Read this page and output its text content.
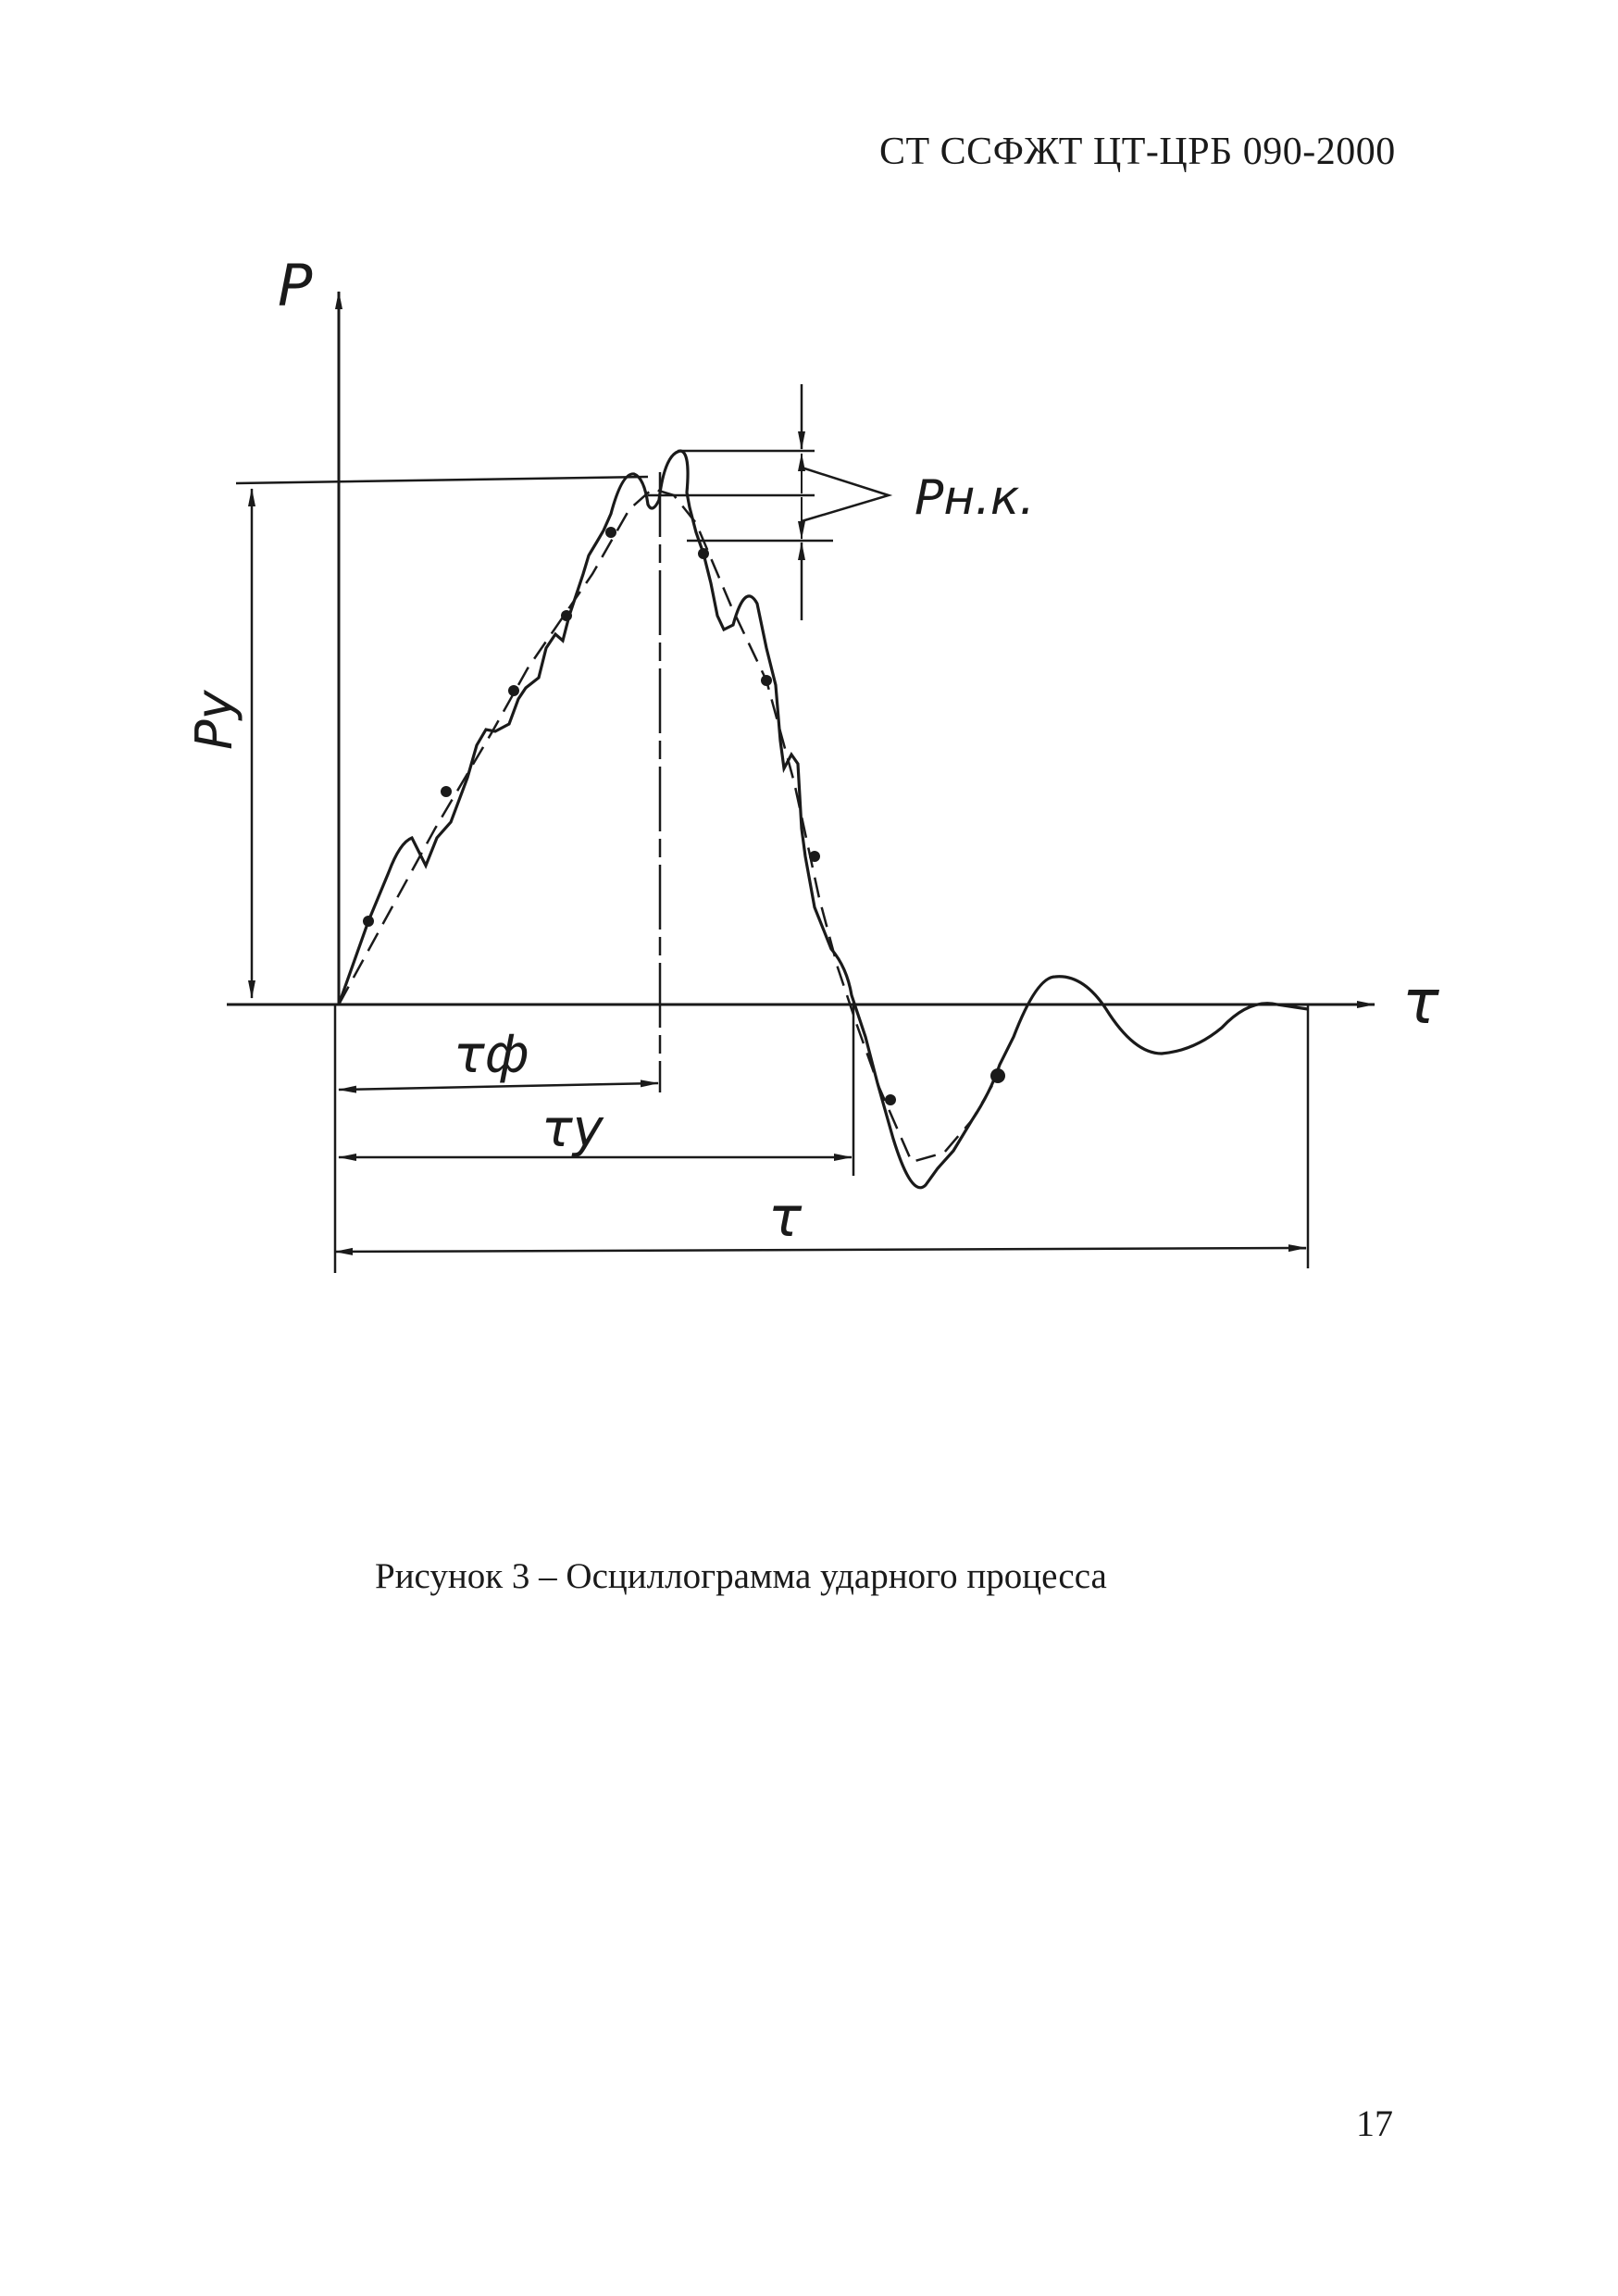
СТ ССФЖТ ЦТ-ЦРБ 090-2000
P
τ
Pн.к.
Pу
τф
τу
τ
Рисунок 3 – Осциллограмма ударного процесса
17
